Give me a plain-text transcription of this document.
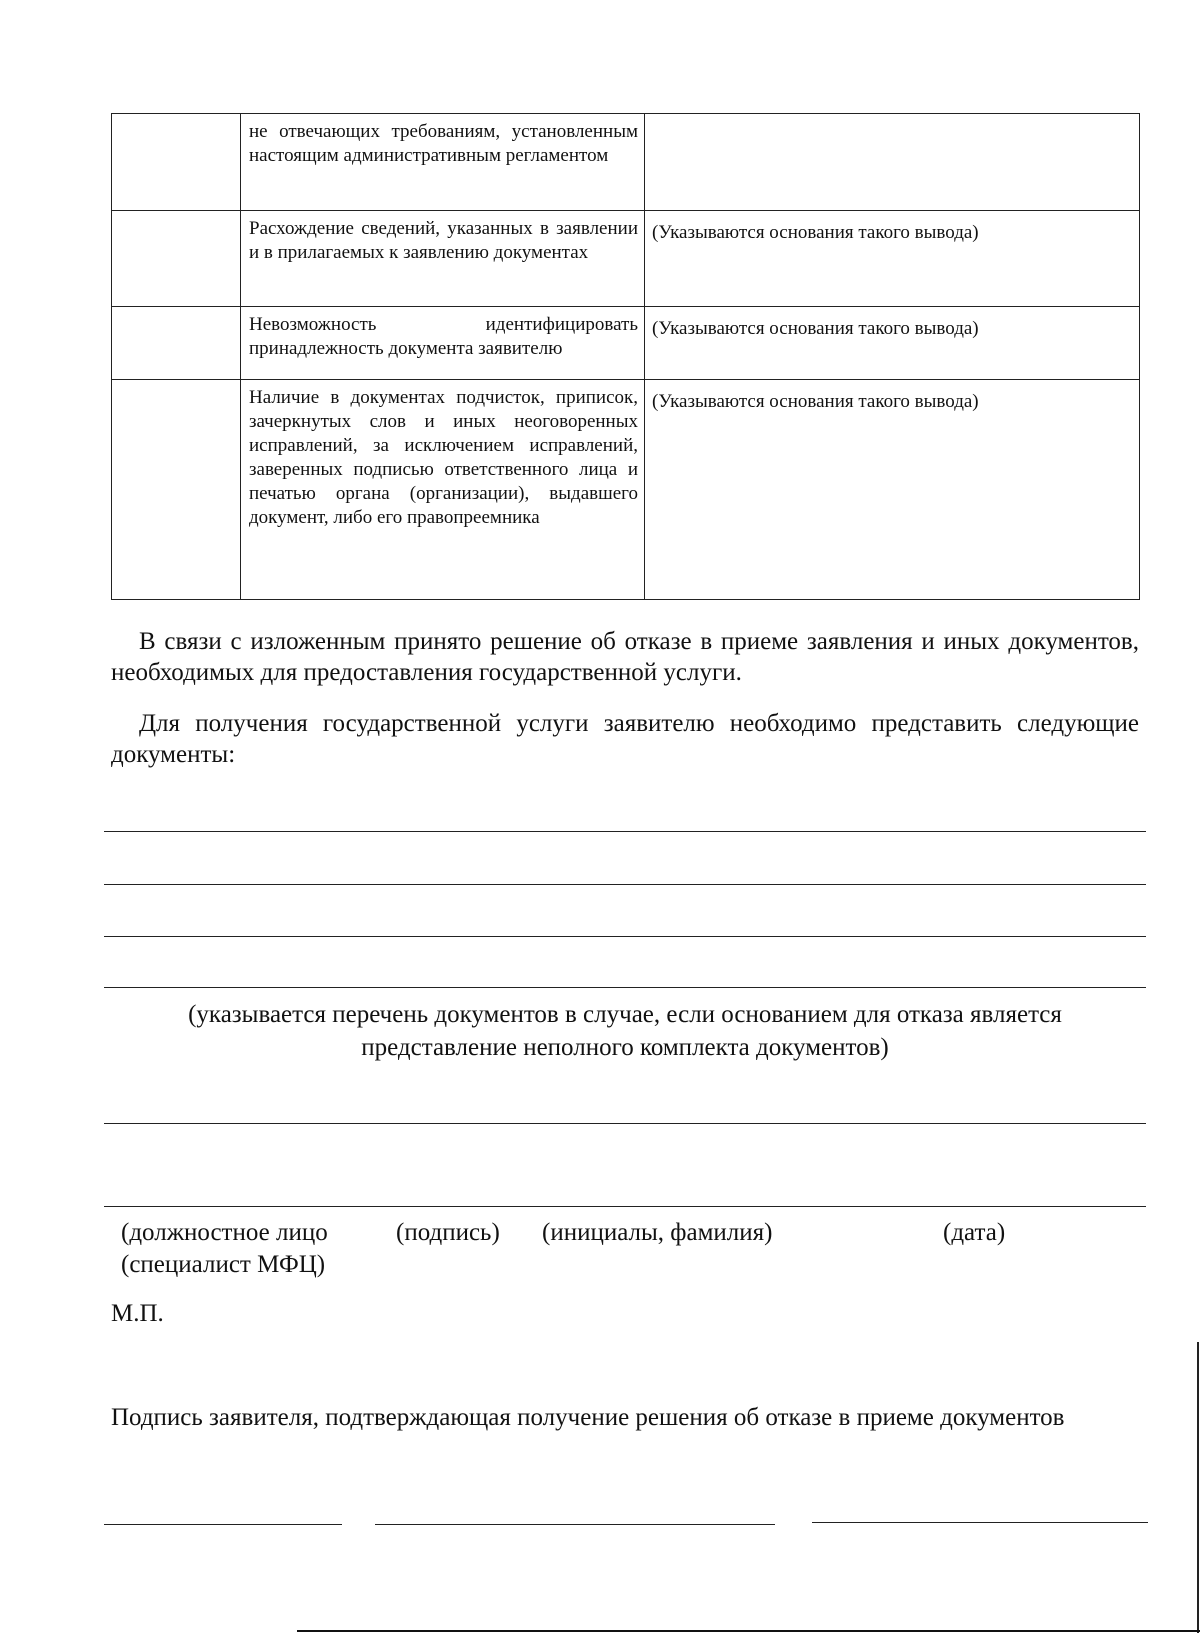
	не отвечающих требованиям, установленным настоящим административным регламентом	
	Расхождение сведений, указанных в заявлении и в прилагаемых к заявлению документах	(Указываются основания такого вывода)
	Невозможность идентифицировать принадлежность документа заявителю	(Указываются основания такого вывода)
	Наличие в документах подчисток, приписок, зачеркнутых слов и иных неоговоренных исправлений, за исключением исправлений, заверенных подписью ответственного лица и печатью органа (организации), выдавшего документ, либо его правопреемника	(Указываются основания такого вывода)
В связи с изложенным принято решение об отказе в приеме заявления и иных документов, необходимых для предоставления государственной услуги.
Для получения государственной услуги заявителю необходимо представить следующие документы:
(указывается перечень документов в случае, если основанием для отказа является представление неполного комплекта документов)
(должностное лицо
(специалист МФЦ)
(подпись) (инициалы, фамилия)	(дата)
М.П.
Подпись заявителя, подтверждающая получение решения об отказе в приеме документов
